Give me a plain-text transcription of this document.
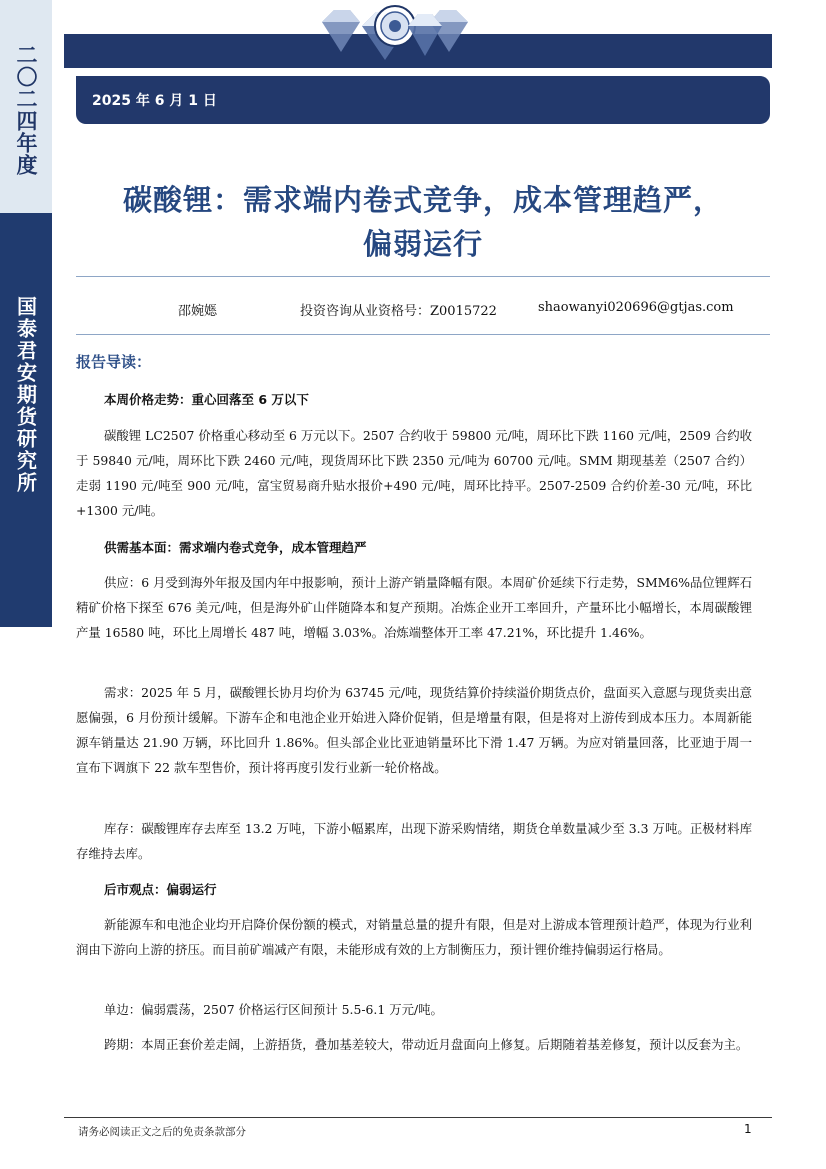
二〇二四年度
国泰君安期货研究所
2025 年 6 月 1 日
碳酸锂：需求端内卷式竞争，成本管理趋严，
偏弱运行
邵婉嫕	投资咨询从业资格号：Z0015722	shaowanyi020696@gtjas.com
报告导读：
本周价格走势：重心回落至 6 万以下
碳酸锂 LC2507 价格重心移动至 6 万元以下。2507 合约收于 59800 元/吨，周环比下跌 1160 元/吨，2509 合约收于 59840 元/吨，周环比下跌 2460 元/吨，现货周环比下跌 2350 元/吨为 60700 元/吨。SMM 期现基差（2507 合约）走弱 1190 元/吨至 900 元/吨，富宝贸易商升贴水报价+490 元/吨，周环比持平。2507-2509 合约价差-30 元/吨，环比+1300 元/吨。
供需基本面：需求端内卷式竞争，成本管理趋严
供应：6 月受到海外年报及国内年中报影响，预计上游产销量降幅有限。本周矿价延续下行走势，SMM6%品位锂辉石精矿价格下探至 676 美元/吨，但是海外矿山伴随降本和复产预期。冶炼企业开工率回升，产量环比小幅增长，本周碳酸锂产量 16580 吨，环比上周增长 487 吨，增幅 3.03%。冶炼端整体开工率 47.21%，环比提升 1.46%。
需求：2025 年 5 月，碳酸锂长协月均价为 63745 元/吨，现货结算价持续溢价期货点价，盘面买入意愿与现货卖出意愿偏强，6 月份预计缓解。下游车企和电池企业开始进入降价促销，但是增量有限，但是将对上游传到成本压力。本周新能源车销量达 21.90 万辆，环比回升 1.86%。但头部企业比亚迪销量环比下滑 1.47 万辆。为应对销量回落，比亚迪于周一宣布下调旗下 22 款车型售价，预计将再度引发行业新一轮价格战。
库存：碳酸锂库存去库至 13.2 万吨，下游小幅累库，出现下游采购情绪，期货仓单数量减少至 3.3 万吨。正极材料库存维持去库。
后市观点：偏弱运行
新能源车和电池企业均开启降价保份额的模式，对销量总量的提升有限，但是对上游成本管理预计趋严，体现为行业利润由下游向上游的挤压。而目前矿端减产有限，未能形成有效的上方制衡压力，预计锂价维持偏弱运行格局。
单边：偏弱震荡，2507 价格运行区间预计 5.5-6.1 万元/吨。
跨期：本周正套价差走阔，上游捂货，叠加基差较大，带动近月盘面向上修复。后期随着基差修复，预计以反套为主。
请务必阅读正文之后的免责条款部分	1
